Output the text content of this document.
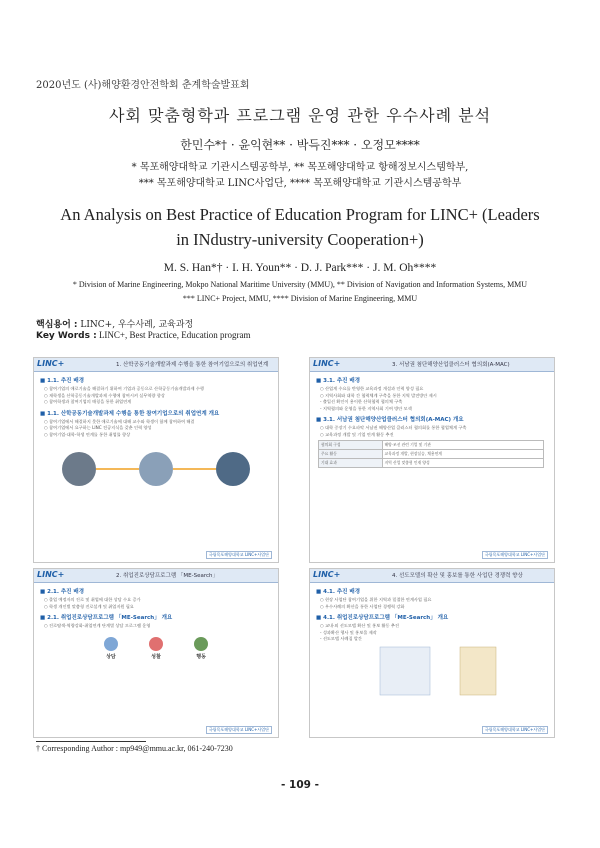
2020년도 (사)해양환경안전학회 춘계학술발표회
사회 맞춤형학과 프로그램 운영 관한 우수사례 분석
한민수*† · 윤익현** · 박득진*** · 오정모****
* 목포해양대학교 기관시스템공학부, ** 목포해양대학교 항해정보시스템학부,
*** 목포해양대학교 LINC사업단, **** 목포해양대학교 기관시스템공학부
An Analysis on Best Practice of Education Program for LINC+ (Leaders
in INdustry-university Cooperation+)
M. S. Han*† · I. H. Youn** · D. J. Park*** · J. M. Oh****
* Division of Marine Engineering, Mokpo National Maritime University (MMU), ** Division of Navigation and Information Systems, MMU
*** LINC+ Project, MMU, **** Division of Marine Engineering, MMU
핵심용어 : LINC+, 우수사례, 교육과정
Key Words : LINC+, Best Practice, Education program
LINC+	1. 산학공동기술개발과제 수행을 통한 참여기업으로의 취업연계
■ 1.1. 추진 배경
○ 참여기업의 애로기술을 해결하기 위하여 기업과 공동으로 산학공동기술개발과제 수행
○ 재학생을 산학공동기술개발과제 수행에 참여시켜 실무역량 향상
○ 참여학생과 참여기업의 매칭을 통한 취업연계
■ 1.1. 산학공동기술개발과제 수행을 통한 참여기업으로의 취업연계 개요
○ 참여기업에서 해결하지 못한 애로기술에 대해 교수와 학생이 함께 참여하여 해결
○ 참여기업에서 요구하는 LINC 전공지식을 갖춘 인력 양성
○ 참여기업-대학-학생 연계를 통한 취업률 향상
국립목포해양대학교 LINC+사업단
LINC+	3. 서남권 첨단해양산업클러스터 협의회(A-MAC)
■ 3.1. 추진 배경
○ 산업계 수요를 반영한 교육과정 개설과 인력 양성 필요
○ 지역사회와 대학 간 협력체계 구축을 통한 지역 발전방안 제시
- 출입선 확인이 용이한 산학협력 협의체 구축
- 지역협의와 운영을 통한 지역사회 기여 방안 모색
■ 3.1. 서남권 첨단해양산업클러스터 협의회(A-MAC) 개요
○ 대학 중장기 수요파악 서남권 해양산업 클러스터 협의회를 통한 협업체계 구축
○ 교육과정 개발 및 기업 연계 활동 추진
협의회 구성	해양·조선 관련 기업 및 기관
주요 활동	교육과정 개발, 현장실습, 채용연계
기대 효과	지역 산업 맞춤형 인재 양성
국립목포해양대학교 LINC+사업단
LINC+	2. 취업진로상담프로그램 「ME-Search」
■ 2.1. 추진 배경
○ 졸업 예정자의 진로 및 취업에 대한 상담 수요 증가
○ 학생 개인별 맞춤형 진로설계 및 취업지원 필요
■ 2.1. 취업진로상담프로그램 「ME-Search」 개요
○ 진로탐색-역량강화-취업연계 단계별 상담 프로그램 운영
상담	성찰	행동
국립목포해양대학교 LINC+사업단
LINC+	4. 선도모델의 확산 및 홍보를 통한 사업단 경쟁력 향상
■ 4.1. 추진 배경
○ 현장 사업단 참여기업을 위한 지역과 밀접한 연계사업 필요
○ 우수사례의 확산을 통한 사업단 경쟁력 강화
■ 4.1. 취업진로상담프로그램 「ME-Search」 개요
○ 교내·외 선도모델 확산 및 홍보 활동 추진
- 성과확산 행사 및 홍보물 제작
- 선도모델 사례집 발간
국립목포해양대학교 LINC+사업단
† Corresponding Author : mp949@mmu.ac.kr, 061-240-7230
- 109 -
